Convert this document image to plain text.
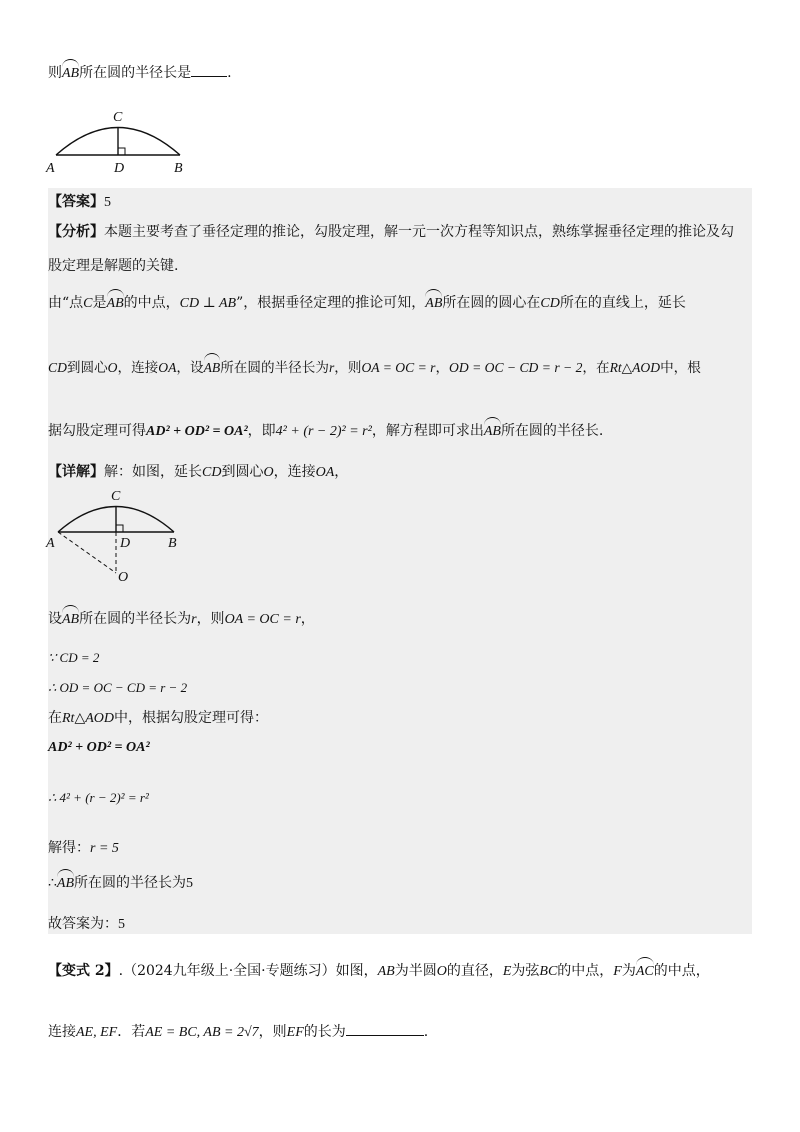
则AB所在圆的半径长是	.
C
A	D	B
【答案】5
【分析】本题主要考查了垂径定理的推论，勾股定理，解一元一次方程等知识点，熟练掌握垂径定理的推论及勾
股定理是解题的关键.
由“点C是AB的中点，CD ⊥ AB”，根据垂径定理的推论可知，AB所在圆的圆心在CD所在的直线上，延长
CD到圆心O，连接OA，设AB所在圆的半径长为r，则OA = OC = r，OD = OC − CD = r − 2，在Rt△AOD中，根
据勾股定理可得AD² + OD² = OA²，即4² + (r − 2)² = r²，解方程即可求出AB所在圆的半径长.
【详解】解：如图，延长CD到圆心O，连接OA，
C
A	D	B
O
设AB所在圆的半径长为r，则OA = OC = r，
∵ CD = 2
∴ OD = OC − CD = r − 2
在Rt△AOD中，根据勾股定理可得：
AD² + OD² = OA²
∴ 4² + (r − 2)² = r²
解得：r = 5
∴AB所在圆的半径长为5
故答案为：5
【变式 2】.（2024九年级上·全国·专题练习）如图，AB为半圆O的直径，E为弦BC的中点，F为AC的中点，
连接AE, EF．若AE = BC, AB = 2√7，则EF的长为	.
